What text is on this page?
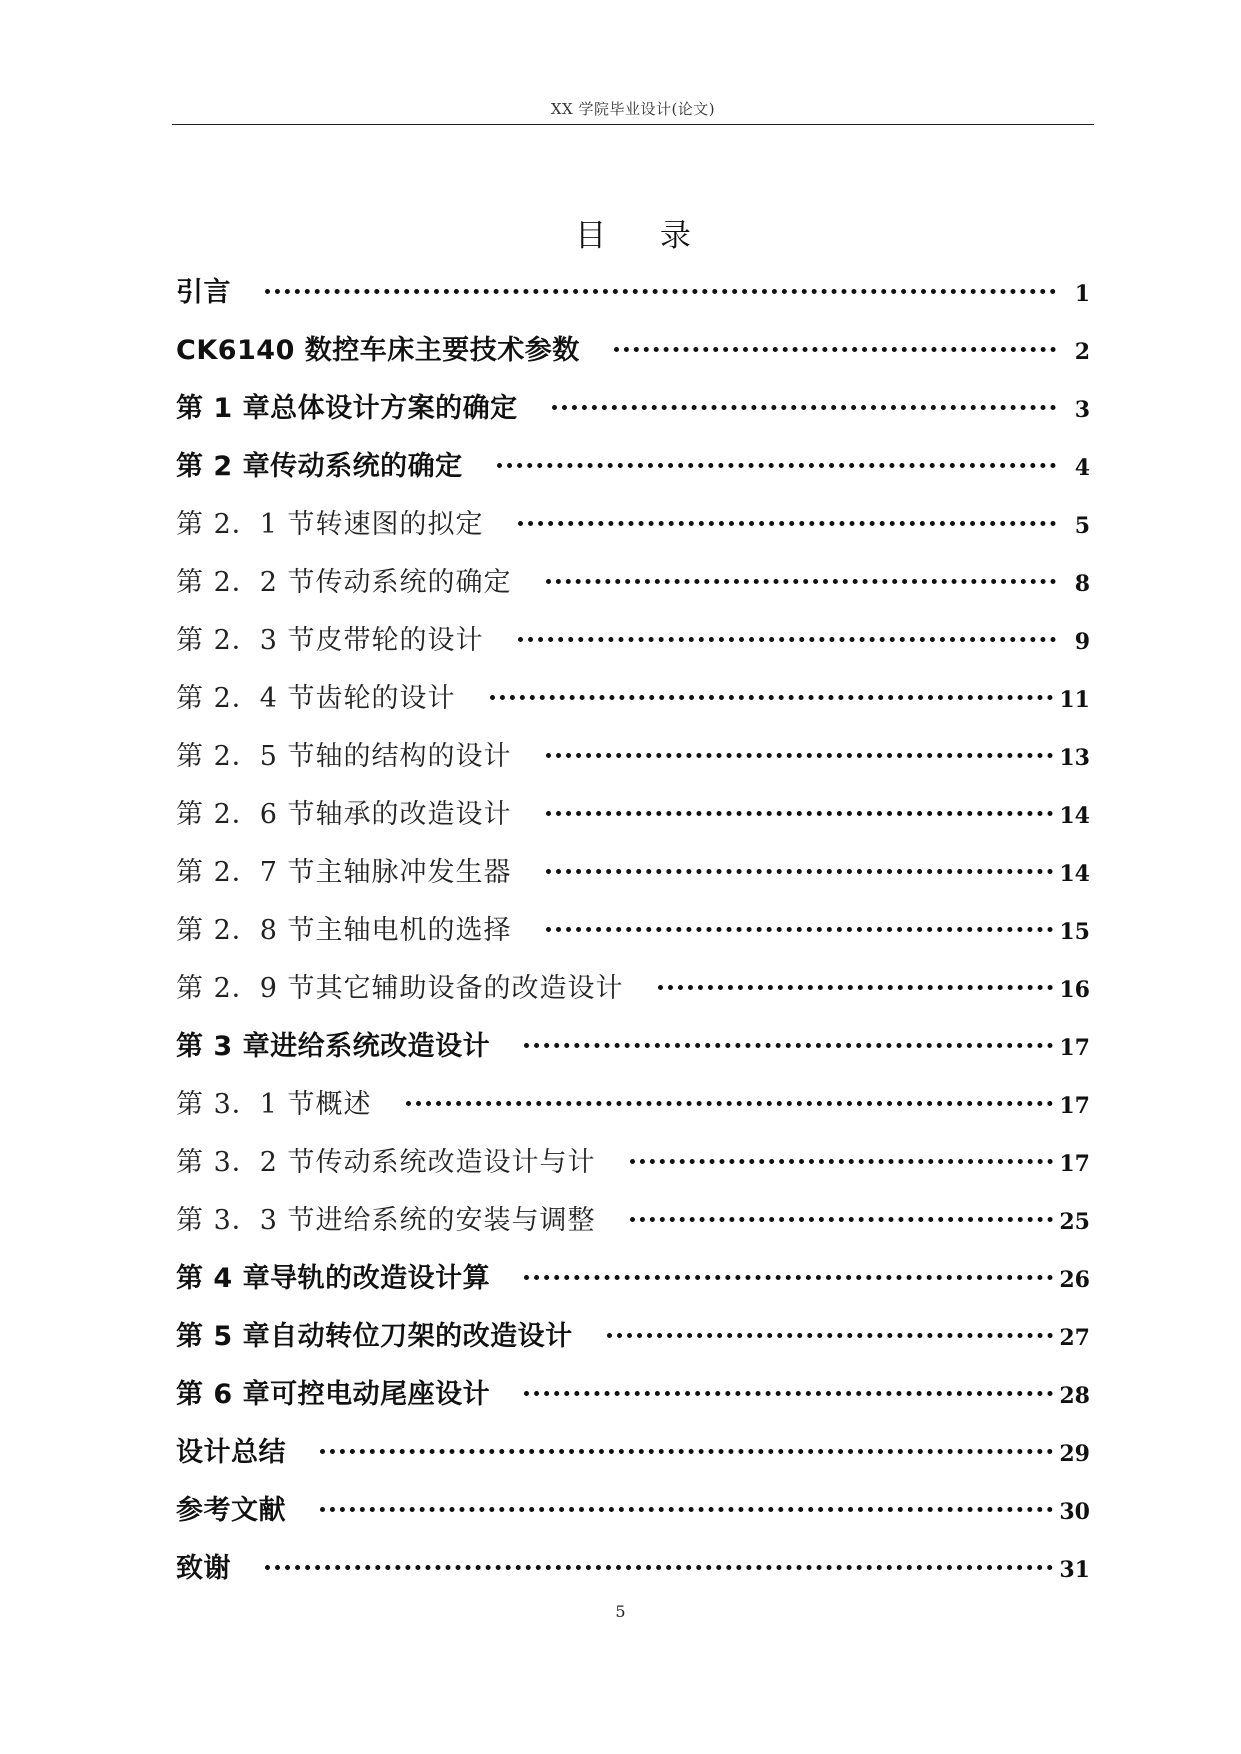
XX 学院毕业设计(论文)
目 录
引言	1
CK6140 数控车床主要技术参数	2
第 1 章总体设计方案的确定	3
第 2 章传动系统的确定	4
第 2．1 节转速图的拟定	5
第 2．2 节传动系统的确定	8
第 2．3 节皮带轮的设计	9
第 2．4 节齿轮的设计	11
第 2．5 节轴的结构的设计	13
第 2．6 节轴承的改造设计	14
第 2．7 节主轴脉冲发生器	14
第 2．8 节主轴电机的选择	15
第 2．9 节其它辅助设备的改造设计	16
第 3 章进给系统改造设计	17
第 3．1 节概述	17
第 3．2 节传动系统改造设计与计	17
第 3．3 节进给系统的安装与调整	25
第 4 章导轨的改造设计算	26
第 5 章自动转位刀架的改造设计	27
第 6 章可控电动尾座设计	28
设计总结	29
参考文献	30
致谢	31
5
